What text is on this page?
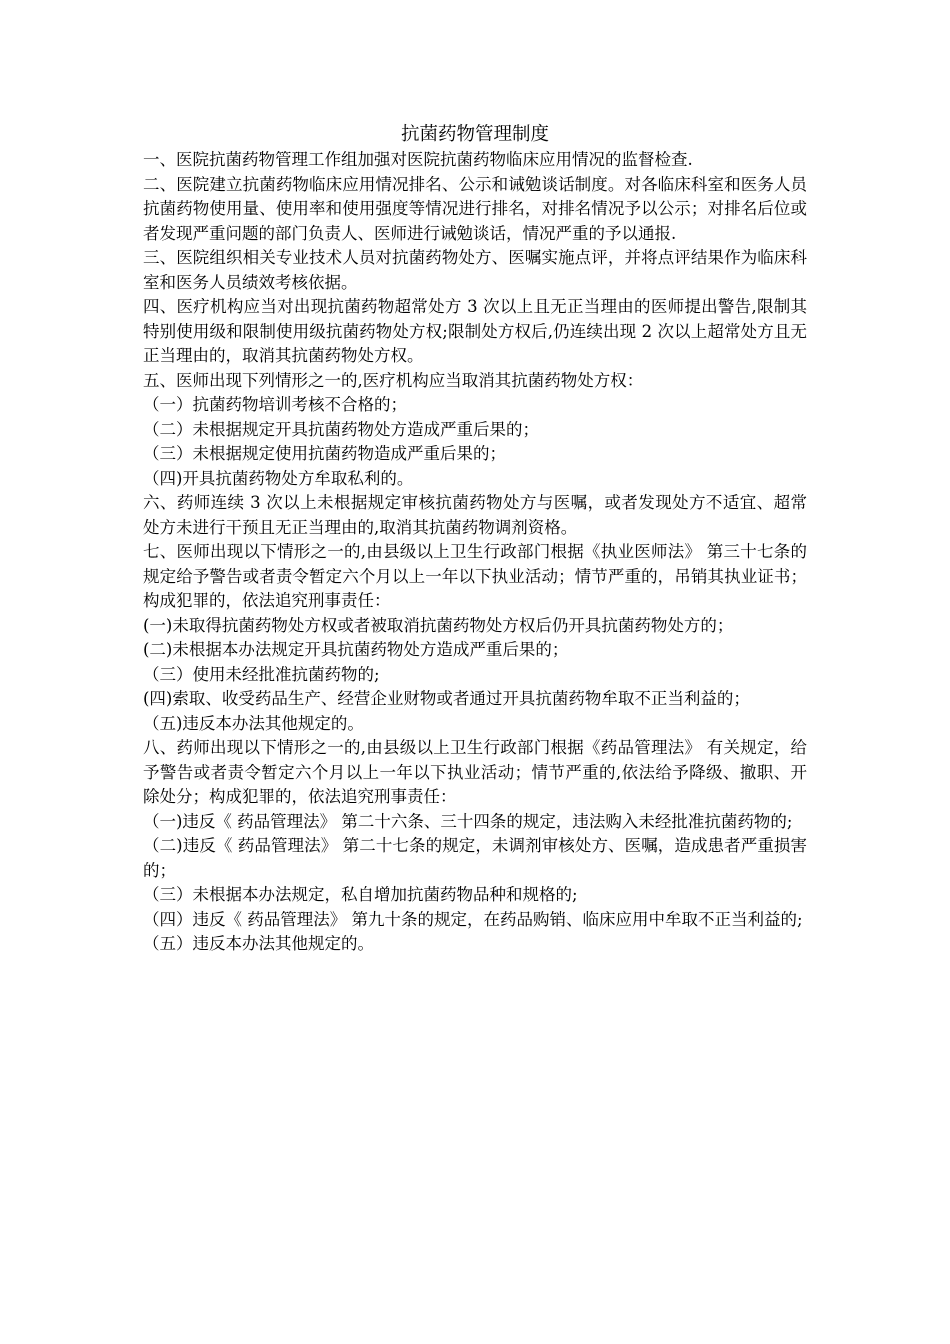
抗菌药物管理制度

一、医院抗菌药物管理工作组加强对医院抗菌药物临床应用情况的监督检查.

二、医院建立抗菌药物临床应用情况排名、公示和诫勉谈话制度。对各临床科室和医务人员抗菌药物使用量、使用率和使用强度等情况进行排名，对排名情况予以公示；对排名后位或者发现严重问题的部门负责人、医师进行诫勉谈话，情况严重的予以通报.

三、医院组织相关专业技术人员对抗菌药物处方、医嘱实施点评，并将点评结果作为临床科室和医务人员绩效考核依据。

四、医疗机构应当对出现抗菌药物超常处方 3 次以上且无正当理由的医师提出警告,限制其特别使用级和限制使用级抗菌药物处方权;限制处方权后,仍连续出现 2 次以上超常处方且无正当理由的，取消其抗菌药物处方权。

五、医师出现下列情形之一的,医疗机构应当取消其抗菌药物处方权：

（一）抗菌药物培训考核不合格的；

（二）未根据规定开具抗菌药物处方造成严重后果的；

（三）未根据规定使用抗菌药物造成严重后果的；

（四)开具抗菌药物处方牟取私利的。

六、药师连续 3 次以上未根据规定审核抗菌药物处方与医嘱，或者发现处方不适宜、超常处方未进行干预且无正当理由的,取消其抗菌药物调剂资格。

七、医师出现以下情形之一的,由县级以上卫生行政部门根据《执业医师法》 第三十七条的规定给予警告或者责令暂定六个月以上一年以下执业活动；情节严重的，吊销其执业证书；构成犯罪的，依法追究刑事责任：

(一)未取得抗菌药物处方权或者被取消抗菌药物处方权后仍开具抗菌药物处方的；

(二)未根据本办法规定开具抗菌药物处方造成严重后果的；

（三）使用未经批准抗菌药物的;

(四)索取、收受药品生产、经营企业财物或者通过开具抗菌药物牟取不正当利益的；

（五)违反本办法其他规定的。

八、药师出现以下情形之一的,由县级以上卫生行政部门根据《药品管理法》 有关规定，给予警告或者责令暂定六个月以上一年以下执业活动；情节严重的,依法给予降级、撤职、开除处分；构成犯罪的，依法追究刑事责任：

（一)违反《 药品管理法》 第二十六条、三十四条的规定，违法购入未经批准抗菌药物的;

（二)违反《 药品管理法》 第二十七条的规定，未调剂审核处方、医嘱，造成患者严重损害的；

（三）未根据本办法规定，私自增加抗菌药物品种和规格的;

（四）违反《 药品管理法》 第九十条的规定，在药品购销、临床应用中牟取不正当利益的;

（五）违反本办法其他规定的。
